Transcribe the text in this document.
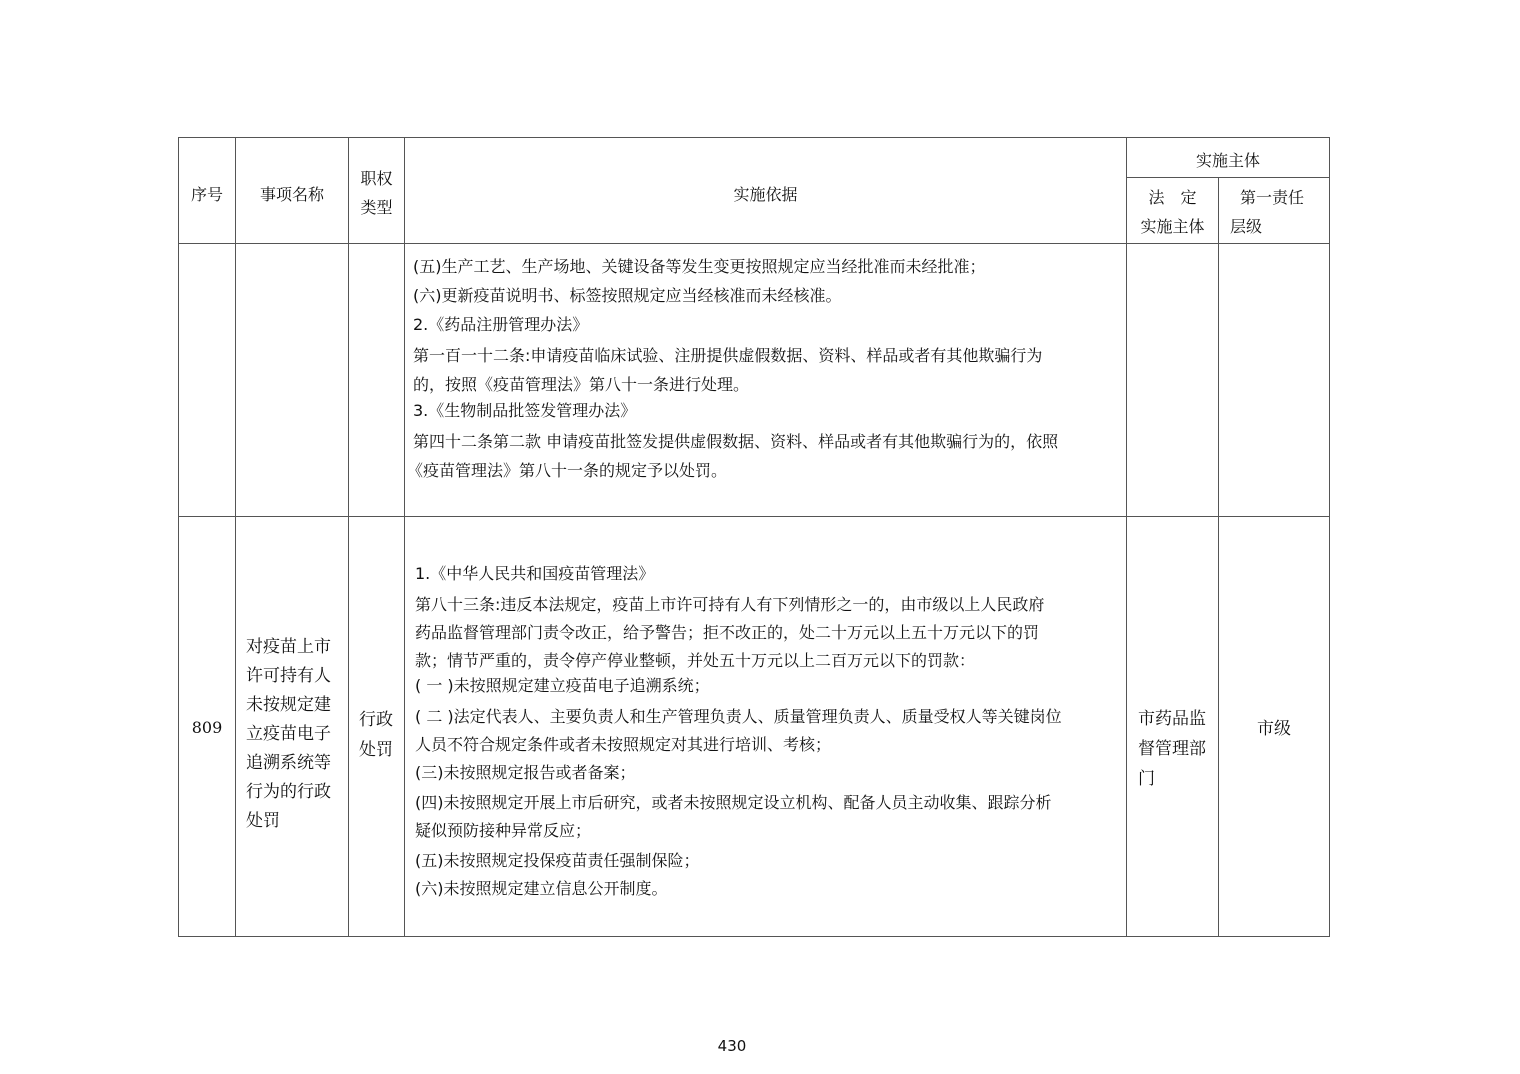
序号	事项名称
职权
类型
实施依据
实施主体
法　定
实施主体
第一责任
层级

(五)生产工艺、生产场地、关键设备等发生变更按照规定应当经批准而未经批准；

(六)更新疫苗说明书、标签按照规定应当经核准而未经核准。

2.《药品注册管理办法》

第一百一十二条:申请疫苗临床试验、注册提供虚假数据、资料、样品或者有其他欺骗行为

的，按照《疫苗管理法》第八十一条进行处理。

3.《生物制品批签发管理办法》

第四十二条第二款 申请疫苗批签发提供虚假数据、资料、样品或者有其他欺骗行为的，依照

《疫苗管理法》第八十一条的规定予以处罚。

809
对疫苗上市
许可持有人
未按规定建
立疫苗电子
追溯系统等
行为的行政
处罚
行政
处罚

1.《中华人民共和国疫苗管理法》

第八十三条:违反本法规定，疫苗上市许可持有人有下列情形之一的，由市级以上人民政府

药品监督管理部门责令改正，给予警告；拒不改正的，处二十万元以上五十万元以下的罚

款；情节严重的，责令停产停业整顿，并处五十万元以上二百万元以下的罚款：

( 一 )未按照规定建立疫苗电子追溯系统；

( 二 )法定代表人、主要负责人和生产管理负责人、质量管理负责人、质量受权人等关键岗位

人员不符合规定条件或者未按照规定对其进行培训、考核；

(三)未按照规定报告或者备案；

(四)未按照规定开展上市后研究，或者未按照规定设立机构、配备人员主动收集、跟踪分析

疑似预防接种异常反应；

(五)未按照规定投保疫苗责任强制保险；

(六)未按照规定建立信息公开制度。

市药品监
督管理部
门
市级
430
